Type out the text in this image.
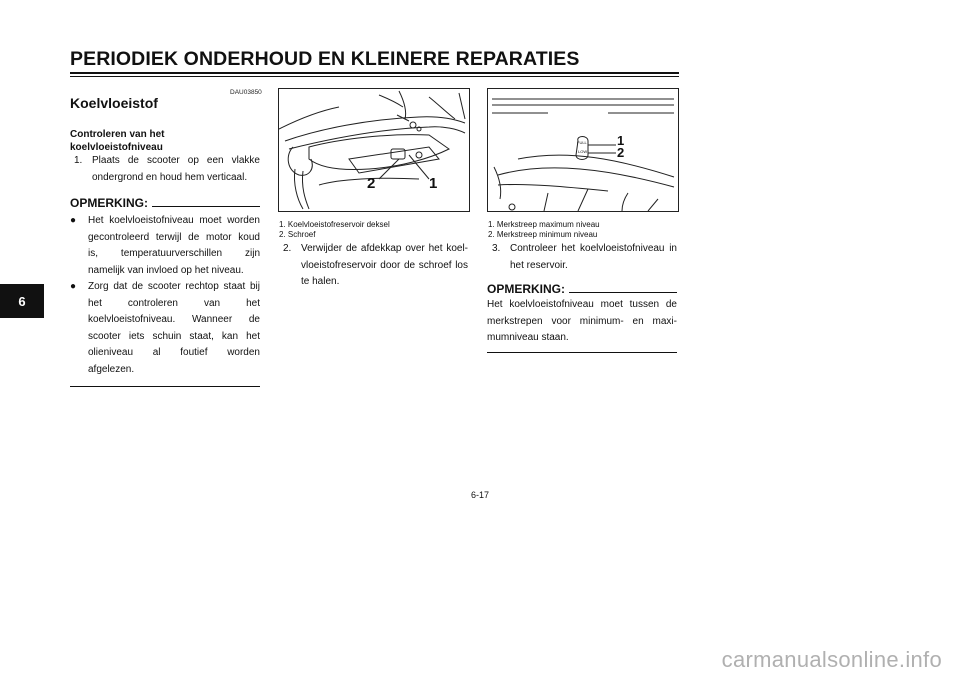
PERIODIEK ONDERHOUD EN KLEINERE REPARATIES
6
DAU03850
Koelvloeistof
Controleren van het
koelvloeistofniveau
1. Plaats de scooter op een vlakke
ondergrond en houd hem verticaal.
OPMERKING:
●	Het koelvloeistofniveau moet worden
gecontroleerd terwijl de motor koud
is, temperatuurverschillen zijn
namelijk van invloed op het niveau.
●	Zorg dat de scooter rechtop staat bij
het controleren van het
koelvloeistofniveau. Wanneer de
scooter iets schuin staat, kan het
olieniveau al foutief worden
afgelezen.
2	1
1. Koelvloeistofreservoir deksel
2. Schroef
2. Verwijder de afdekkap over het koel-
vloeistofreservoir door de schroef los
te halen.
FULL
LOW
1
2
1. Merkstreep maximum niveau
2. Merkstreep minimum niveau
3. Controleer het koelvloeistofniveau in
het reservoir.
OPMERKING:
Het koelvloeistofniveau moet tussen de
merkstrepen voor minimum- en maxi-
mumniveau staan.
6-17
carmanualsonline.info
